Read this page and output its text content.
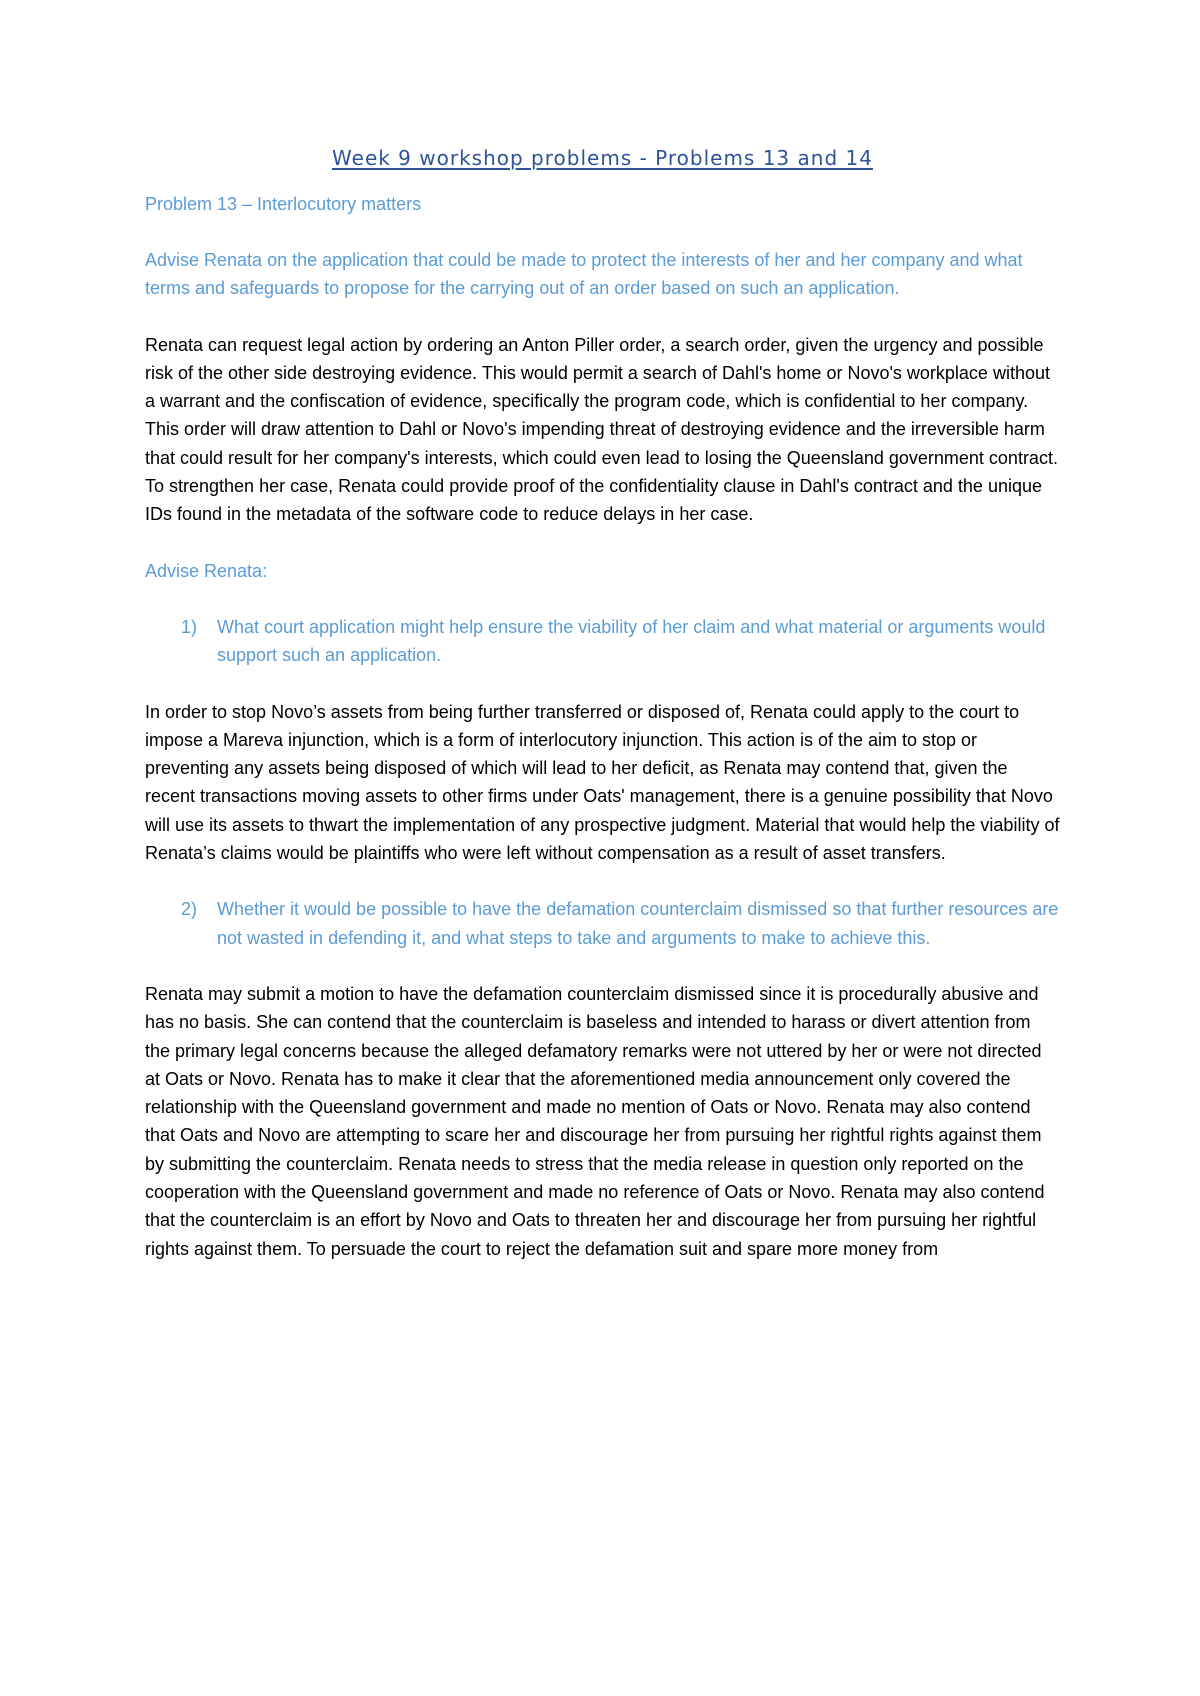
Week 9 workshop problems - Problems 13 and 14
Problem 13 – Interlocutory matters

Advise Renata on the application that could be made to protect the interests of her and her company and what terms and safeguards to propose for the carrying out of an order based on such an application.

Renata can request legal action by ordering an Anton Piller order, a search order, given the urgency and possible risk of the other side destroying evidence. This would permit a search of Dahl's home or Novo's workplace without a warrant and the confiscation of evidence, specifically the program code, which is confidential to her company. This order will draw attention to Dahl or Novo's impending threat of destroying evidence and the irreversible harm that could result for her company's interests, which could even lead to losing the Queensland government contract. To strengthen her case, Renata could provide proof of the confidentiality clause in Dahl's contract and the unique IDs found in the metadata of the software code to reduce delays in her case.

Advise Renata:

1)	What court application might help ensure the viability of her claim and what material or arguments would support such an application.

In order to stop Novo’s assets from being further transferred or disposed of, Renata could apply to the court to impose a Mareva injunction, which is a form of interlocutory injunction. This action is of the aim to stop or preventing any assets being disposed of which will lead to her deficit, as Renata may contend that, given the recent transactions moving assets to other firms under Oats' management, there is a genuine possibility that Novo will use its assets to thwart the implementation of any prospective judgment. Material that would help the viability of Renata’s claims would be plaintiffs who were left without compensation as a result of asset transfers.

2)	Whether it would be possible to have the defamation counterclaim dismissed so that further resources are not wasted in defending it, and what steps to take and arguments to make to achieve this.

Renata may submit a motion to have the defamation counterclaim dismissed since it is procedurally abusive and has no basis. She can contend that the counterclaim is baseless and intended to harass or divert attention from the primary legal concerns because the alleged defamatory remarks were not uttered by her or were not directed at Oats or Novo. Renata has to make it clear that the aforementioned media announcement only covered the relationship with the Queensland government and made no mention of Oats or Novo. Renata may also contend that Oats and Novo are attempting to scare her and discourage her from pursuing her rightful rights against them by submitting the counterclaim. Renata needs to stress that the media release in question only reported on the cooperation with the Queensland government and made no reference of Oats or Novo. Renata may also contend that the counterclaim is an effort by Novo and Oats to threaten her and discourage her from pursuing her rightful rights against them. To persuade the court to reject the defamation suit and spare more money from
